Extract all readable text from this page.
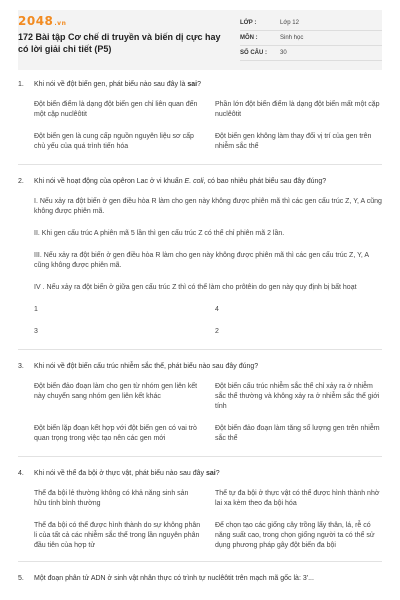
2048.vn
172 Bài tập Cơ chế di truyền và biến dị cực hay có lời giải chi tiết (P5)
LỚP :	Lớp 12
MÔN :	Sinh học
SỐ CÂU : 30
1. Khi nói về đột biến gen, phát biểu nào sau đây là sai?
Đột biến điểm là dạng đột biến gen chỉ liên quan đến một cặp nuclêôtit
Phần lớn đột biến điểm là dạng đột biến mất một cặp nuclêôtit
Đột biến gen là cung cấp nguồn nguyên liệu sơ cấp chủ yếu của quá trình tiến hóa
Đột biến gen không làm thay đổi vị trí của gen trên nhiễm sắc thể
2. Khi nói về hoạt động của opêron Lac ở vi khuẩn E. coli, có bao nhiêu phát biểu sau đây đúng?
I. Nếu xảy ra đột biến ở gen điều hòa R làm cho gen này không được phiên mã thì các gen cấu trúc Z, Y, A cũng không được phiên mã.
II. Khi gen cấu trúc A phiên mã 5 lần thì gen cấu trúc Z có thể chỉ phiên mã 2 lần.
III. Nếu xảy ra đột biến ở gen điều hòa R làm cho gen này không được phiên mã thì các gen cấu trúc Z, Y, A cũng không được phiên mã.
IV . Nếu xảy ra đột biến ở giữa gen cấu trúc Z thì có thể làm cho prôtêin do gen này quy định bị bất hoạt
1	4
3	2
3. Khi nói về đột biến cấu trúc nhiễm sắc thể, phát biểu nào sau đây đúng?
Đột biến đảo đoạn làm cho gen từ nhóm gen liên kết này chuyển sang nhóm gen liên kết khác
Đột biến cấu trúc nhiễm sắc thể chỉ xảy ra ở nhiễm sắc thể thường và không xảy ra ở nhiễm sắc thể giới tính
Đột biến lặp đoạn kết hợp với đột biến gen có vai trò quan trọng trong việc tạo nên các gen mới
Đột biến đảo đoạn làm tăng số lượng gen trên nhiễm sắc thể
4. Khi nói về thể đa bội ở thực vật, phát biểu nào sau đây sai?
Thể đa bội lẻ thường không có khả năng sinh sản hữu tính bình thường
Thể tự đa bội ở thực vật có thể được hình thành nhờ lai xa kèm theo đa bội hóa
Thể đa bội có thể được hình thành do sự không phân li của tất cả các nhiễm sắc thể trong lần nguyên phân đầu tiên của hợp tử
Để chọn tạo các giống cây trồng lấy thân, lá, rễ có năng suất cao, trong chọn giống người ta có thể sử dụng phương pháp gây đột biến đa bội
5. Một đoạn phân tử ADN ở sinh vật nhân thực có trình tự nuclêôtit trên mạch mã gốc là: 3'...
